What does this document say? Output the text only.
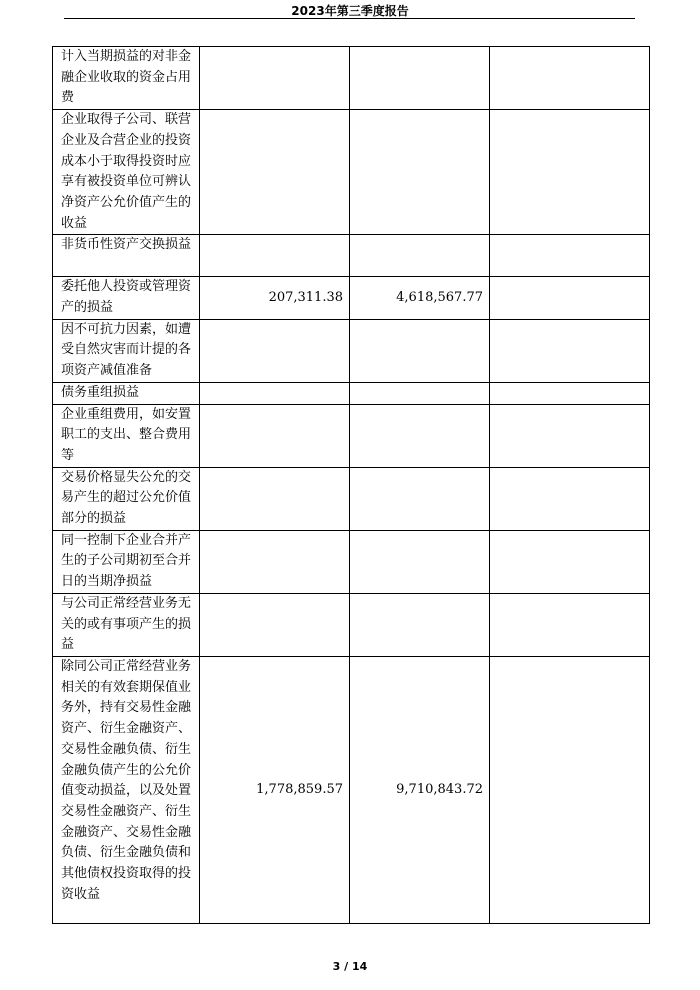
2023年第三季度报告
计入当期损益的对非金融企业收取的资金占用费			
企业取得子公司、联营企业及合营企业的投资成本小于取得投资时应享有被投资单位可辨认净资产公允价值产生的收益			
非货币性资产交换损益			
委托他人投资或管理资产的损益	207,311.38	4,618,567.77	
因不可抗力因素，如遭受自然灾害而计提的各项资产减值准备			
债务重组损益			
企业重组费用，如安置职工的支出、整合费用等			
交易价格显失公允的交易产生的超过公允价值部分的损益			
同一控制下企业合并产生的子公司期初至合并日的当期净损益			
与公司正常经营业务无关的或有事项产生的损益			
除同公司正常经营业务相关的有效套期保值业务外，持有交易性金融资产、衍生金融资产、交易性金融负债、衍生金融负债产生的公允价值变动损益，以及处置交易性金融资产、衍生金融资产、交易性金融负债、衍生金融负债和其他债权投资取得的投资收益	1,778,859.57	9,710,843.72	
3 / 14
